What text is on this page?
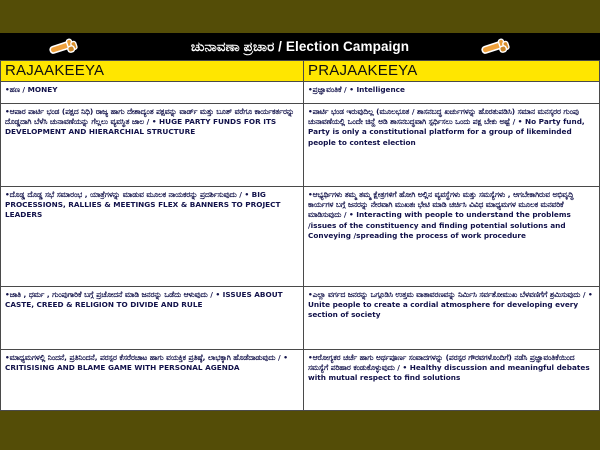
ಚುನಾವಣಾ ಪ್ರಚಾರ / Election Campaign
RAJAAKEEYA	PRAJAAKEEYA
•ಹಣ / MONEY	•ಪ್ರಜ್ಞಾವಂತಿಕೆ / • Intelligence
•ಆಪಾರ ಪಾರ್ಟಿ ಭಂಡ (ಪಕ್ಷದ ನಿಧಿ) ರಾಜ್ಯ ಹಾಗು ದೇಶಾದ್ಯಂತ ಪಕ್ಷವನ್ನು ವಾರ್ಡ್ ಮತ್ತು ಬೂತ್ ವರೆಗೂ ಕಾರ್ಯಕರ್ತರನ್ನು ದೊಡ್ಡದಾಗಿ ಬೆಳೆಸಿ ಚುನಾವಣೆಯನ್ನು ಗೆಲ್ಲಲು ವ್ಯವಸ್ಥಿತ ಜಾಲ / • HUGE PARTY FUNDS FOR ITS DEVELOPMENT AND HIERARCHIAL STRUCTURE
•ಪಾರ್ಟಿ ಭಂಡ ಇರುವುದಿಲ್ಲ (ಮೂಲಭೂತ / ಶಾಸನಬದ್ಧ ಖರ್ಚುಗಳನ್ನು ಹೊರತುಪಡಿಸಿ) ಸಮಾನ ಮನಸ್ಕರರ ಗುಂಪು ಚುನಾವಣೆಯಲ್ಲಿ ಒಂದೇ ಚಿನ್ಹೆ ಅಡಿ ಶಾಸನಬದ್ಧವಾಗಿ ಸ್ಪರ್ಧಿಸಲು ಒಂದು ಪಕ್ಷ ಬೇಕು ಅಷ್ಟೆ / • No Party fund, Party is only a constitutional platform for a group of likeminded people to contest election
•ದೊಡ್ಡ ದೊಡ್ಡ ಸಭೆ ಸಮಾರಂಭ , ಯಾತ್ರೆಗಳನ್ನು ಮಾಡುವ ಮೂಲಕ ನಾಯಕರನ್ನು ಪ್ರದರ್ಶಿಸುವುದು / • BIG PROCESSIONS, RALLIES & MEETINGS FLEX & BANNERS TO PROJECT LEADERS
•ಆಭ್ಯರ್ಥಿಗಳು ತಮ್ಮ ತಮ್ಮ ಕ್ಷೇತ್ರಗಳಿಗೆ ಹೋಗಿ ಅಲ್ಲಿನ ವ್ಯವಸ್ಥೆಗಳು ಮತ್ತು ಸಮಸ್ಯೆಗಳು , ಆಗಬೇಕಾಗಿರುವ ಅಭಿವೃದ್ಧಿ ಕಾರ್ಯಗಳ ಬಗ್ಗೆ ಜನರನ್ನು ನೇರವಾಗಿ ಮುಖತಃ ಭೇಟಿ ಮಾಡಿ ಚರ್ಚಿಸಿ ವಿವಿಧ ಮಾಧ್ಯಮಗಳ ಮೂಲಕ ಮನವರಿಕೆ ಮಾಡಿಸುವುದು / • Interacting with people to understand the problems /issues of the constituency and finding potential solutions and Conveying /spreading the process of work procedure
•ಜಾತಿ , ಧರ್ಮ , ಗುಂಪುಗಾರಿಕೆ ಬಗ್ಗೆ ಪ್ರಚೋದನೆ ಮಾಡಿ ಜನರನ್ನು ಒಡೆದು ಆಳುವುದು / • ISSUES ABOUT CASTE, CREED & RELIGION TO DIVIDE AND RULE
•ಎಲ್ಲಾ ವರ್ಗದ ಜನರನ್ನು ಒಗ್ಗೂಡಿಸಿ ಉತ್ತಮ ವಾತಾವರಣವನ್ನು ನಿರ್ಮಿಸಿ ಸರ್ವತೋಮುಖ ಬೆಳವಣಿಗೆಗೆ ಶ್ರಮಿಸುವುದು / • Unite people to create a cordial atmosphere for developing every section of society
•ಮಾಧ್ಯಮಗಳಲ್ಲಿ ನಿಂದನೆ, ಪ್ರತಿನಿಂದನೆ, ಪರಸ್ಪರ ಕೆಸರೆರಚಾಟ ಹಾಗು ವಯಕ್ತಿಕ ಪ್ರತಿಷ್ಠೆ, ಲಾಭಕ್ಕಾಗಿ ಹೊಡೆದಾಡುವುದು / • CRITISISING AND BLAME GAME WITH PERSONAL AGENDA
•ಆರೋಗ್ಯಕರ ಚರ್ಚೆ ಹಾಗು ಅರ್ಥಪೂರ್ಣ ಸಂವಾದಗಳನ್ನು (ಪರಸ್ಪರ ಗೌರವಗಳೊಂದಿಗೆ) ನಡೆಸಿ ಪ್ರಜ್ಞಾವಂತಿಕೆಯಿಂದ ಸಮಸ್ಯೆಗೆ ಪರಿಹಾರ ಕಂಡುಕೊಳ್ಳುವುದು / • Healthy discussion and meaningful debates with mutual respect to find solutions
